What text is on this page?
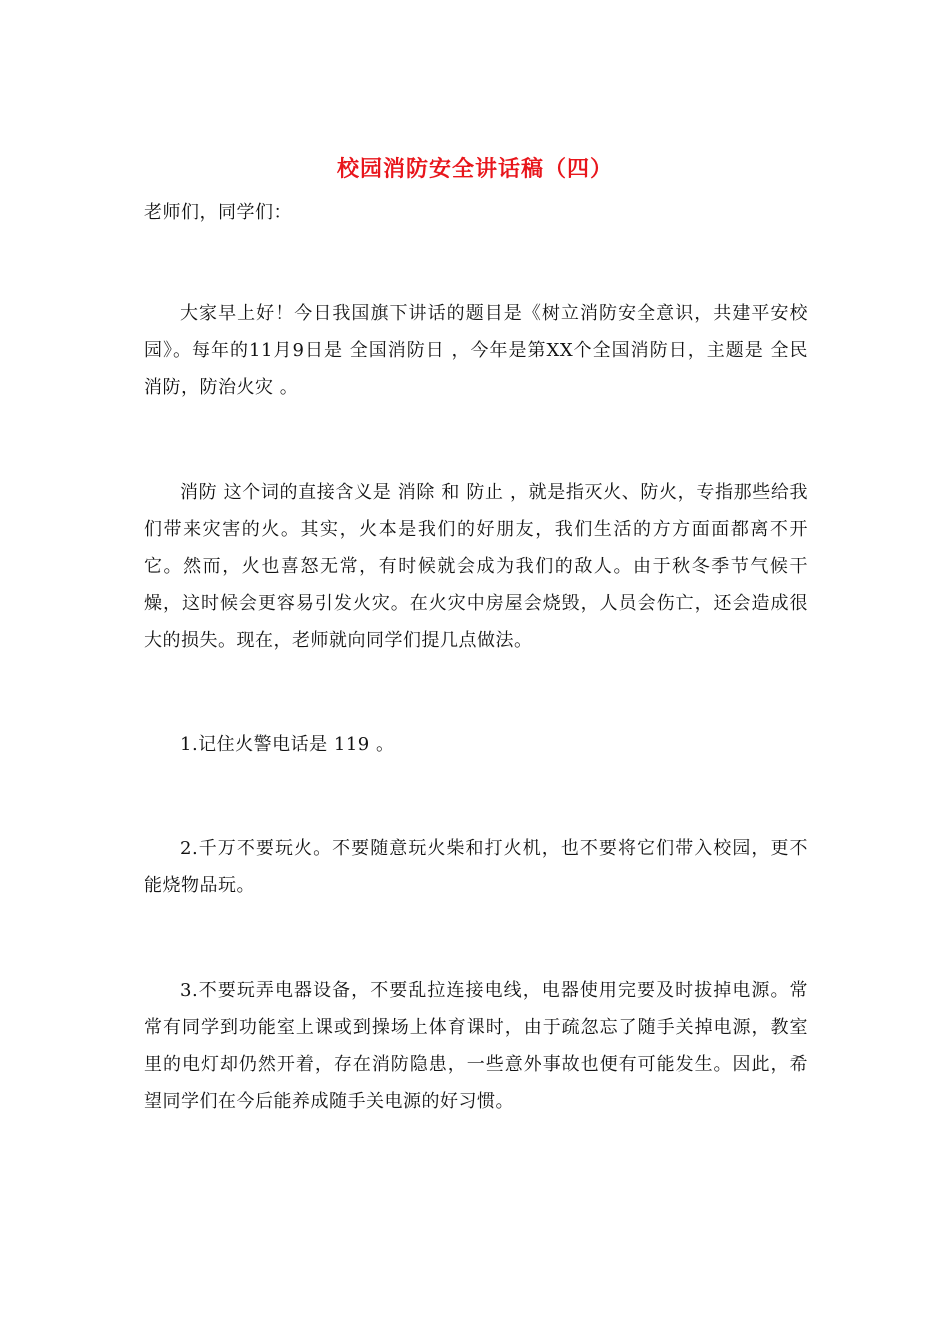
校园消防安全讲话稿（四）
老师们，同学们：
大家早上好！今日我国旗下讲话的题目是《树立消防安全意识，共建平安校园》。每年的11月9日是 全国消防日 ，今年是第XX个全国消防日，主题是 全民消防，防治火灾 。
消防 这个词的直接含义是 消除 和 防止 ，就是指灭火、防火，专指那些给我们带来灾害的火。其实，火本是我们的好朋友，我们生活的方方面面都离不开它。然而，火也喜怒无常，有时候就会成为我们的敌人。由于秋冬季节气候干燥，这时候会更容易引发火灾。在火灾中房屋会烧毁，人员会伤亡，还会造成很大的损失。现在，老师就向同学们提几点做法。
1.记住火警电话是 119 。
2.千万不要玩火。不要随意玩火柴和打火机，也不要将它们带入校园，更不能烧物品玩。
3.不要玩弄电器设备，不要乱拉连接电线，电器使用完要及时拔掉电源。常常有同学到功能室上课或到操场上体育课时，由于疏忽忘了随手关掉电源，教室里的电灯却仍然开着，存在消防隐患，一些意外事故也便有可能发生。因此，希望同学们在今后能养成随手关电源的好习惯。
